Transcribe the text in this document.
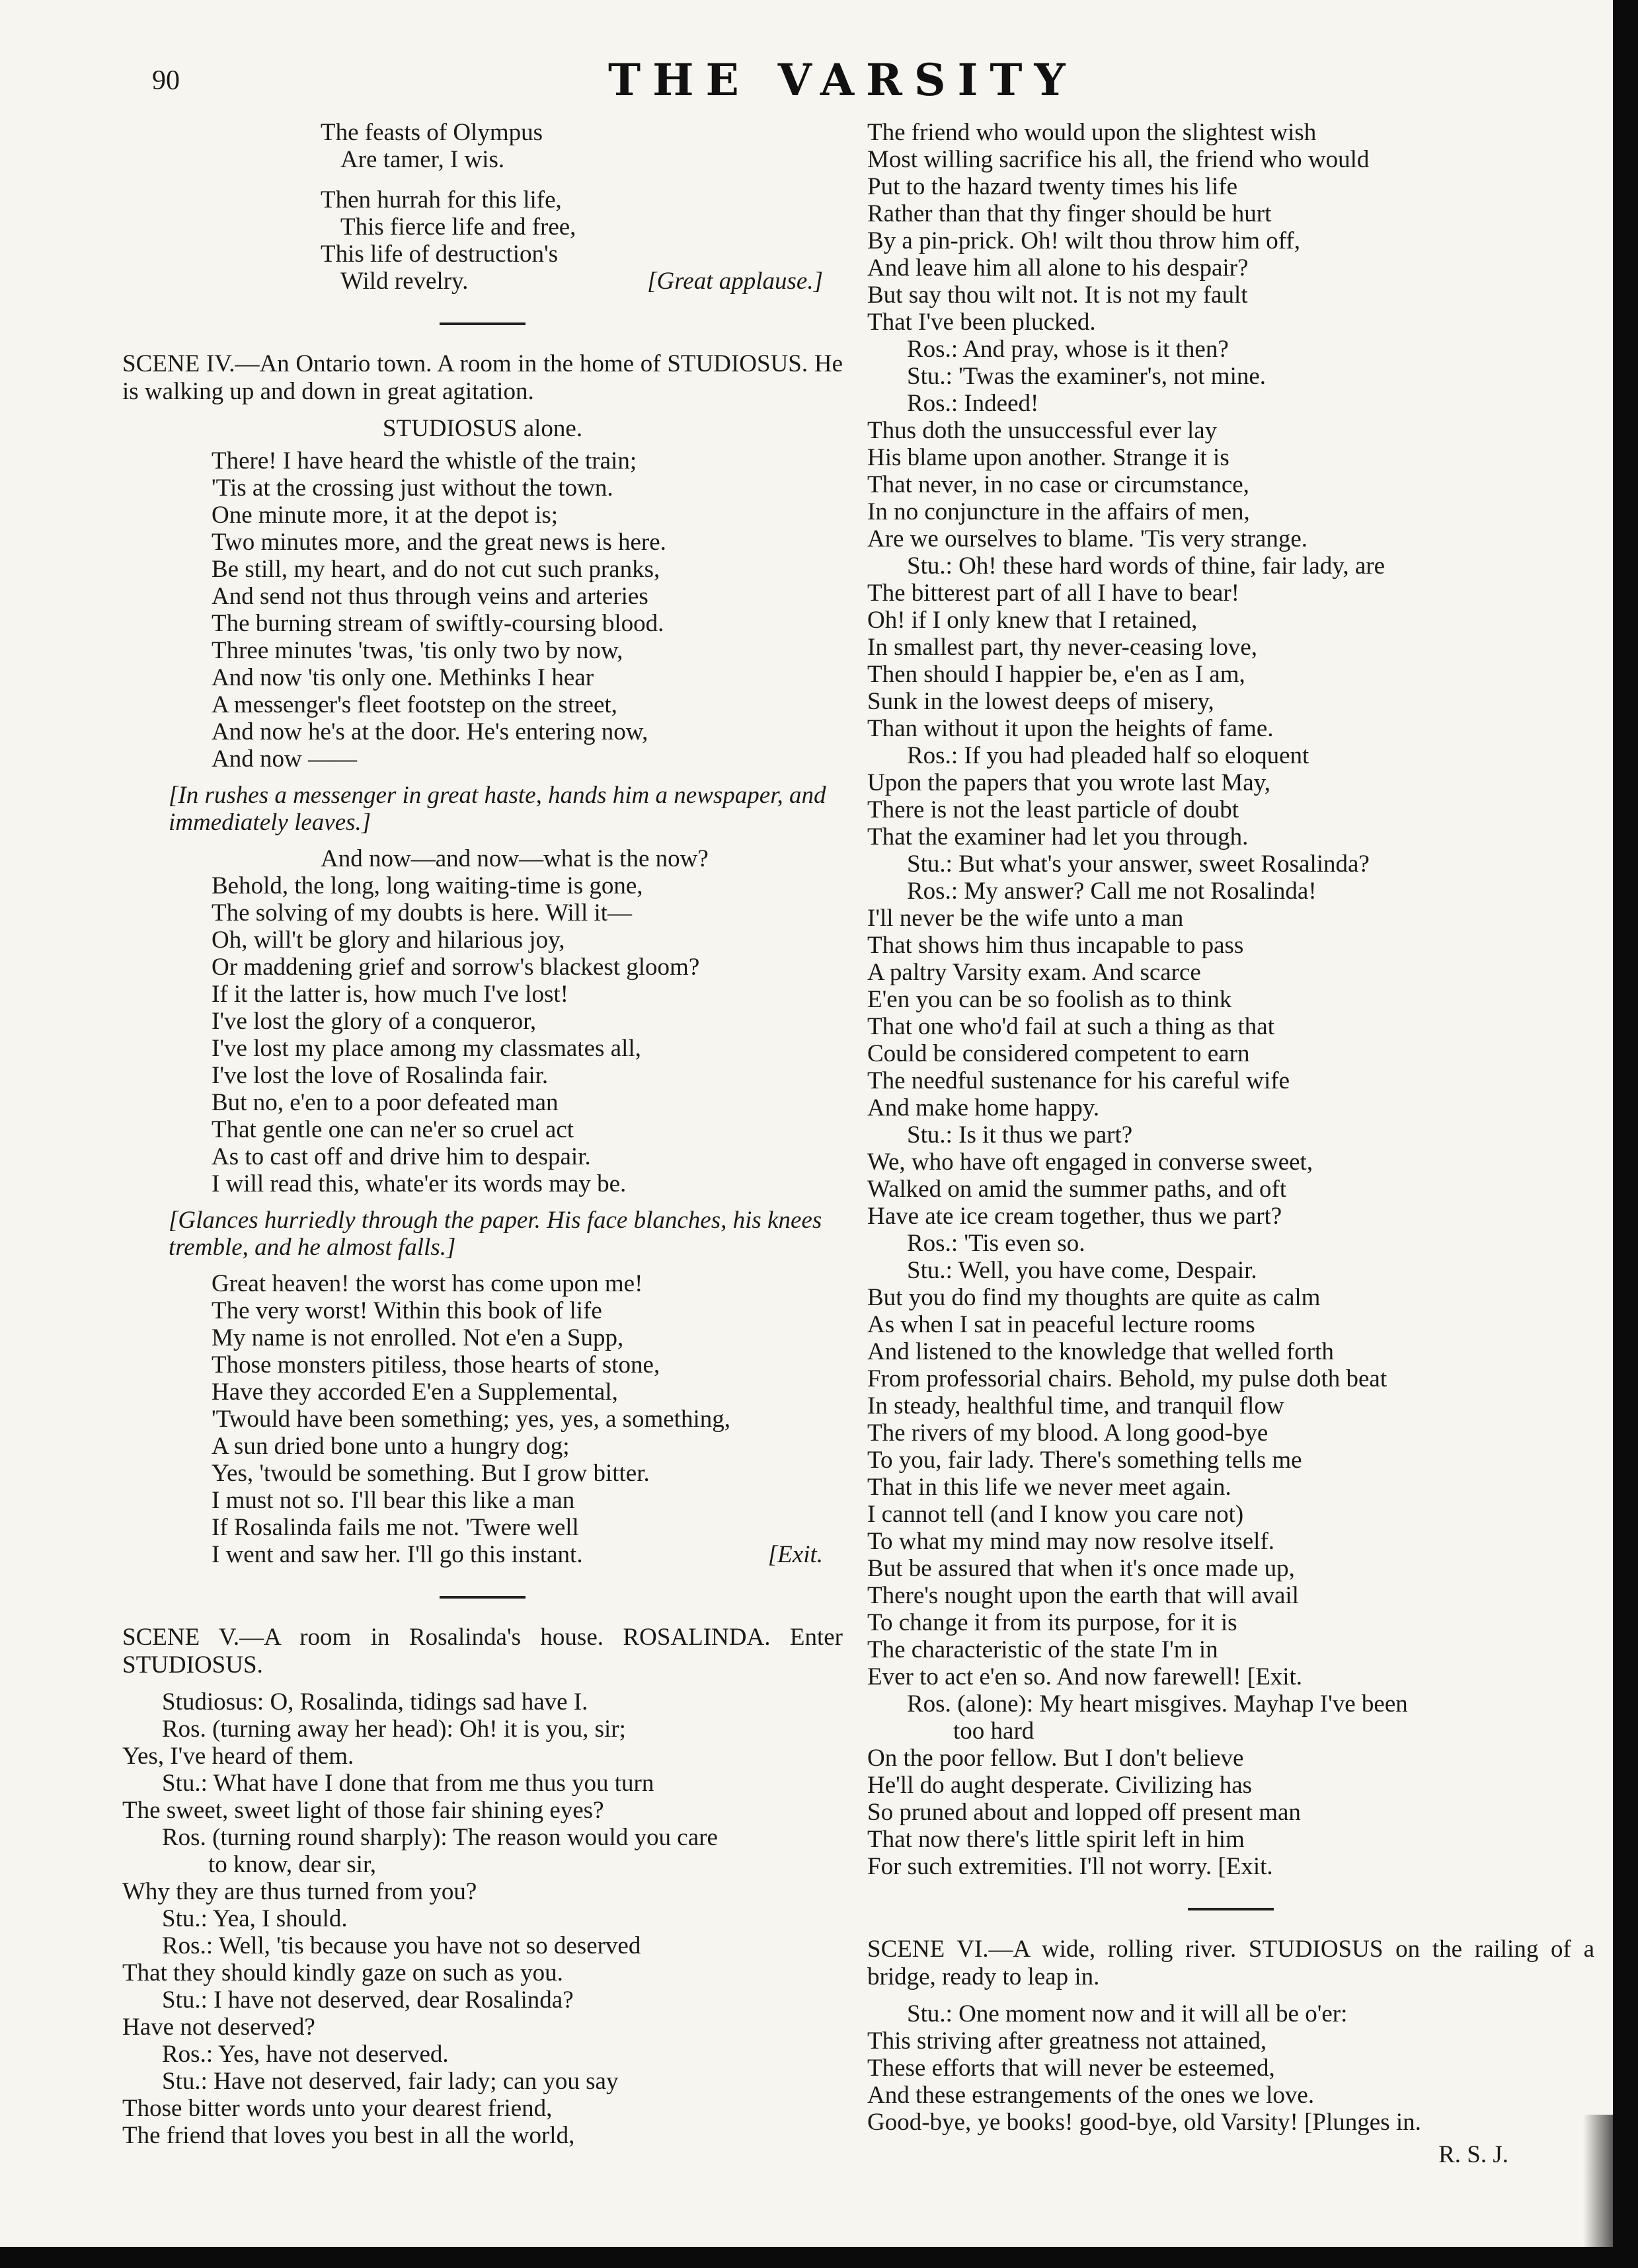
90	THE VARSITY
The feasts of Olympus
Are tamer, I wis.
Then hurrah for this life,
This fierce life and free,
This life of destruction's
Wild revelry.	[Great applause.]
SCENE IV.—An Ontario town. A room in the home of STUDIOSUS. He is walking up and down in great agitation.
STUDIOSUS alone.
There! I have heard the whistle of the train;
'Tis at the crossing just without the town.
One minute more, it at the depot is;
Two minutes more, and the great news is here.
Be still, my heart, and do not cut such pranks,
And send not thus through veins and arteries
The burning stream of swiftly-coursing blood.
Three minutes 'twas, 'tis only two by now,
And now 'tis only one. Methinks I hear
A messenger's fleet footstep on the street,
And now he's at the door. He's entering now,
And now ——
[In rushes a messenger in great haste, hands him a newspaper, and immediately leaves.]
And now—and now—what is the now?
Behold, the long, long waiting-time is gone,
The solving of my doubts is here. Will it—
Oh, will't be glory and hilarious joy,
Or maddening grief and sorrow's blackest gloom?
If it the latter is, how much I've lost!
I've lost the glory of a conqueror,
I've lost my place among my classmates all,
I've lost the love of Rosalinda fair.
But no, e'en to a poor defeated man
That gentle one can ne'er so cruel act
As to cast off and drive him to despair.
I will read this, whate'er its words may be.
[Glances hurriedly through the paper. His face blanches, his knees tremble, and he almost falls.]
Great heaven! the worst has come upon me!
The very worst! Within this book of life
My name is not enrolled. Not e'en a Supp,
Those monsters pitiless, those hearts of stone,
Have they accorded E'en a Supplemental,
'Twould have been something; yes, yes, a something,
A sun dried bone unto a hungry dog;
Yes, 'twould be something. But I grow bitter.
I must not so. I'll bear this like a man
If Rosalinda fails me not. 'Twere well
I went and saw her. I'll go this instant.	[Exit.
SCENE V.—A room in Rosalinda's house. ROSALINDA. Enter STUDIOSUS.
Studiosus: O, Rosalinda, tidings sad have I.
Ros. (turning away her head): Oh! it is you, sir;
Yes, I've heard of them.
Stu.: What have I done that from me thus you turn
The sweet, sweet light of those fair shining eyes?
Ros. (turning round sharply): The reason would you care
to know, dear sir,
Why they are thus turned from you?
Stu.: Yea, I should.
Ros.: Well, 'tis because you have not so deserved
That they should kindly gaze on such as you.
Stu.: I have not deserved, dear Rosalinda?
Have not deserved?
Ros.: Yes, have not deserved.
Stu.: Have not deserved, fair lady; can you say
Those bitter words unto your dearest friend,
The friend that loves you best in all the world,
The friend who would upon the slightest wish
Most willing sacrifice his all, the friend who would
Put to the hazard twenty times his life
Rather than that thy finger should be hurt
By a pin-prick. Oh! wilt thou throw him off,
And leave him all alone to his despair?
But say thou wilt not. It is not my fault
That I've been plucked.
Ros.: And pray, whose is it then?
Stu.: 'Twas the examiner's, not mine.
Ros.: Indeed!
Thus doth the unsuccessful ever lay
His blame upon another. Strange it is
That never, in no case or circumstance,
In no conjuncture in the affairs of men,
Are we ourselves to blame. 'Tis very strange.
Stu.: Oh! these hard words of thine, fair lady, are
The bitterest part of all I have to bear!
Oh! if I only knew that I retained,
In smallest part, thy never-ceasing love,
Then should I happier be, e'en as I am,
Sunk in the lowest deeps of misery,
Than without it upon the heights of fame.
Ros.: If you had pleaded half so eloquent
Upon the papers that you wrote last May,
There is not the least particle of doubt
That the examiner had let you through.
Stu.: But what's your answer, sweet Rosalinda?
Ros.: My answer? Call me not Rosalinda!
I'll never be the wife unto a man
That shows him thus incapable to pass
A paltry Varsity exam. And scarce
E'en you can be so foolish as to think
That one who'd fail at such a thing as that
Could be considered competent to earn
The needful sustenance for his careful wife
And make home happy.
Stu.: Is it thus we part?
We, who have oft engaged in converse sweet,
Walked on amid the summer paths, and oft
Have ate ice cream together, thus we part?
Ros.: 'Tis even so.
Stu.: Well, you have come, Despair.
But you do find my thoughts are quite as calm
As when I sat in peaceful lecture rooms
And listened to the knowledge that welled forth
From professorial chairs. Behold, my pulse doth beat
In steady, healthful time, and tranquil flow
The rivers of my blood. A long good-bye
To you, fair lady. There's something tells me
That in this life we never meet again.
I cannot tell (and I know you care not)
To what my mind may now resolve itself.
But be assured that when it's once made up,
There's nought upon the earth that will avail
To change it from its purpose, for it is
The characteristic of the state I'm in
Ever to act e'en so. And now farewell! [Exit.
Ros. (alone): My heart misgives. Mayhap I've been
too hard
On the poor fellow. But I don't believe
He'll do aught desperate. Civilizing has
So pruned about and lopped off present man
That now there's little spirit left in him
For such extremities. I'll not worry. [Exit.
SCENE VI.—A wide, rolling river. STUDIOSUS on the railing of a bridge, ready to leap in.
Stu.: One moment now and it will all be o'er:
This striving after greatness not attained,
These efforts that will never be esteemed,
And these estrangements of the ones we love.
Good-bye, ye books! good-bye, old Varsity! [Plunges in.
R. S. J.
